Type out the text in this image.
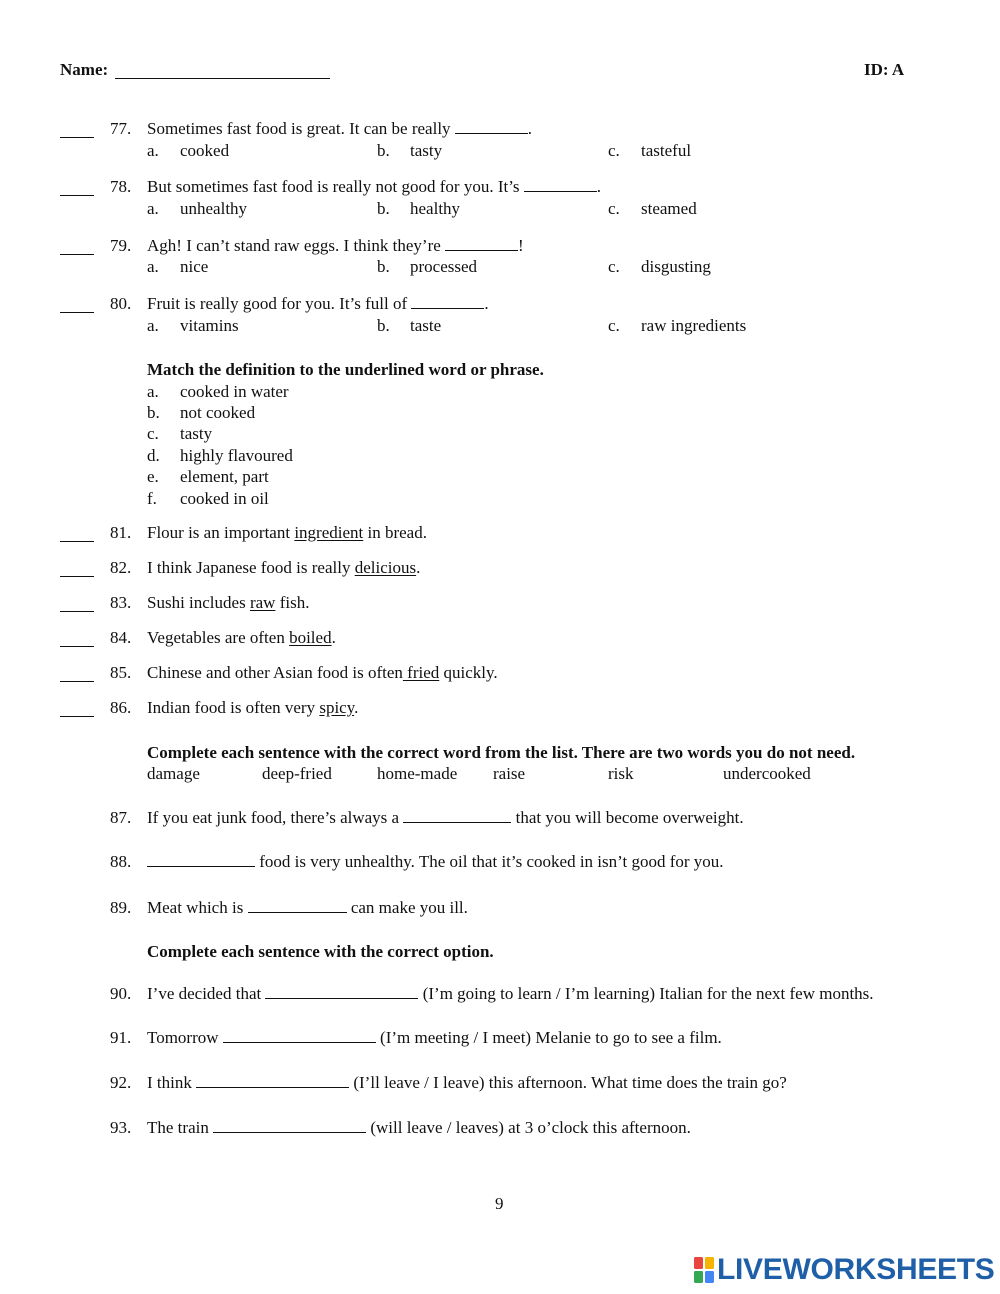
Name:	ID: A
77. Sometimes fast food is great. It can be really	.
a. cooked	b. tasty	c. tasteful
78. But sometimes fast food is really not good for you. It’s	.
a. unhealthy	b. healthy	c. steamed
79. Agh! I can’t stand raw eggs. I think they’re	!
a. nice	b. processed	c. disgusting
80. Fruit is really good for you. It’s full of	.
a. vitamins	b. taste	c. raw ingredients
Match the definition to the underlined word or phrase.
a. cooked in water
b. not cooked
c. tasty
d. highly flavoured
e. element, part
f. cooked in oil
81. Flour is an important ingredient in bread.
82. I think Japanese food is really delicious.
83. Sushi includes raw fish.
84. Vegetables are often boiled.
85. Chinese and other Asian food is often fried quickly.
86. Indian food is often very spicy.
Complete each sentence with the correct word from the list. There are two words you do not need.
damage	deep-fried	home-made raise	risk	undercooked
87. If you eat junk food, there’s always a	that you will become overweight.
88.	food is very unhealthy. The oil that it’s cooked in isn’t good for you.
89. Meat which is	can make you ill.
Complete each sentence with the correct option.
90. I’ve decided that	(I’m going to learn / I’m learning) Italian for the next few months.
91. Tomorrow	(I’m meeting / I meet) Melanie to go to see a film.
92. I think	(I’ll leave / I leave) this afternoon. What time does the train go?
93. The train	(will leave / leaves) at 3 o’clock this afternoon.
9
LIVEWORKSHEETS
